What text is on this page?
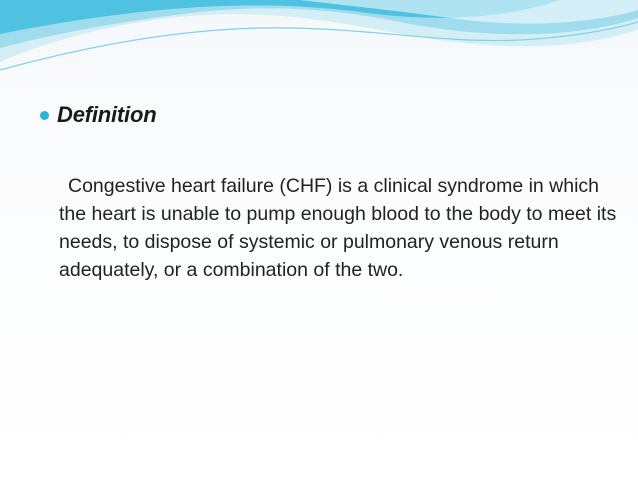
Definition

Congestive heart failure (CHF) is a clinical syndrome in which the heart is unable to pump enough blood to the body to meet its needs, to dispose of systemic or pulmonary venous return adequately, or a combination of the two.
